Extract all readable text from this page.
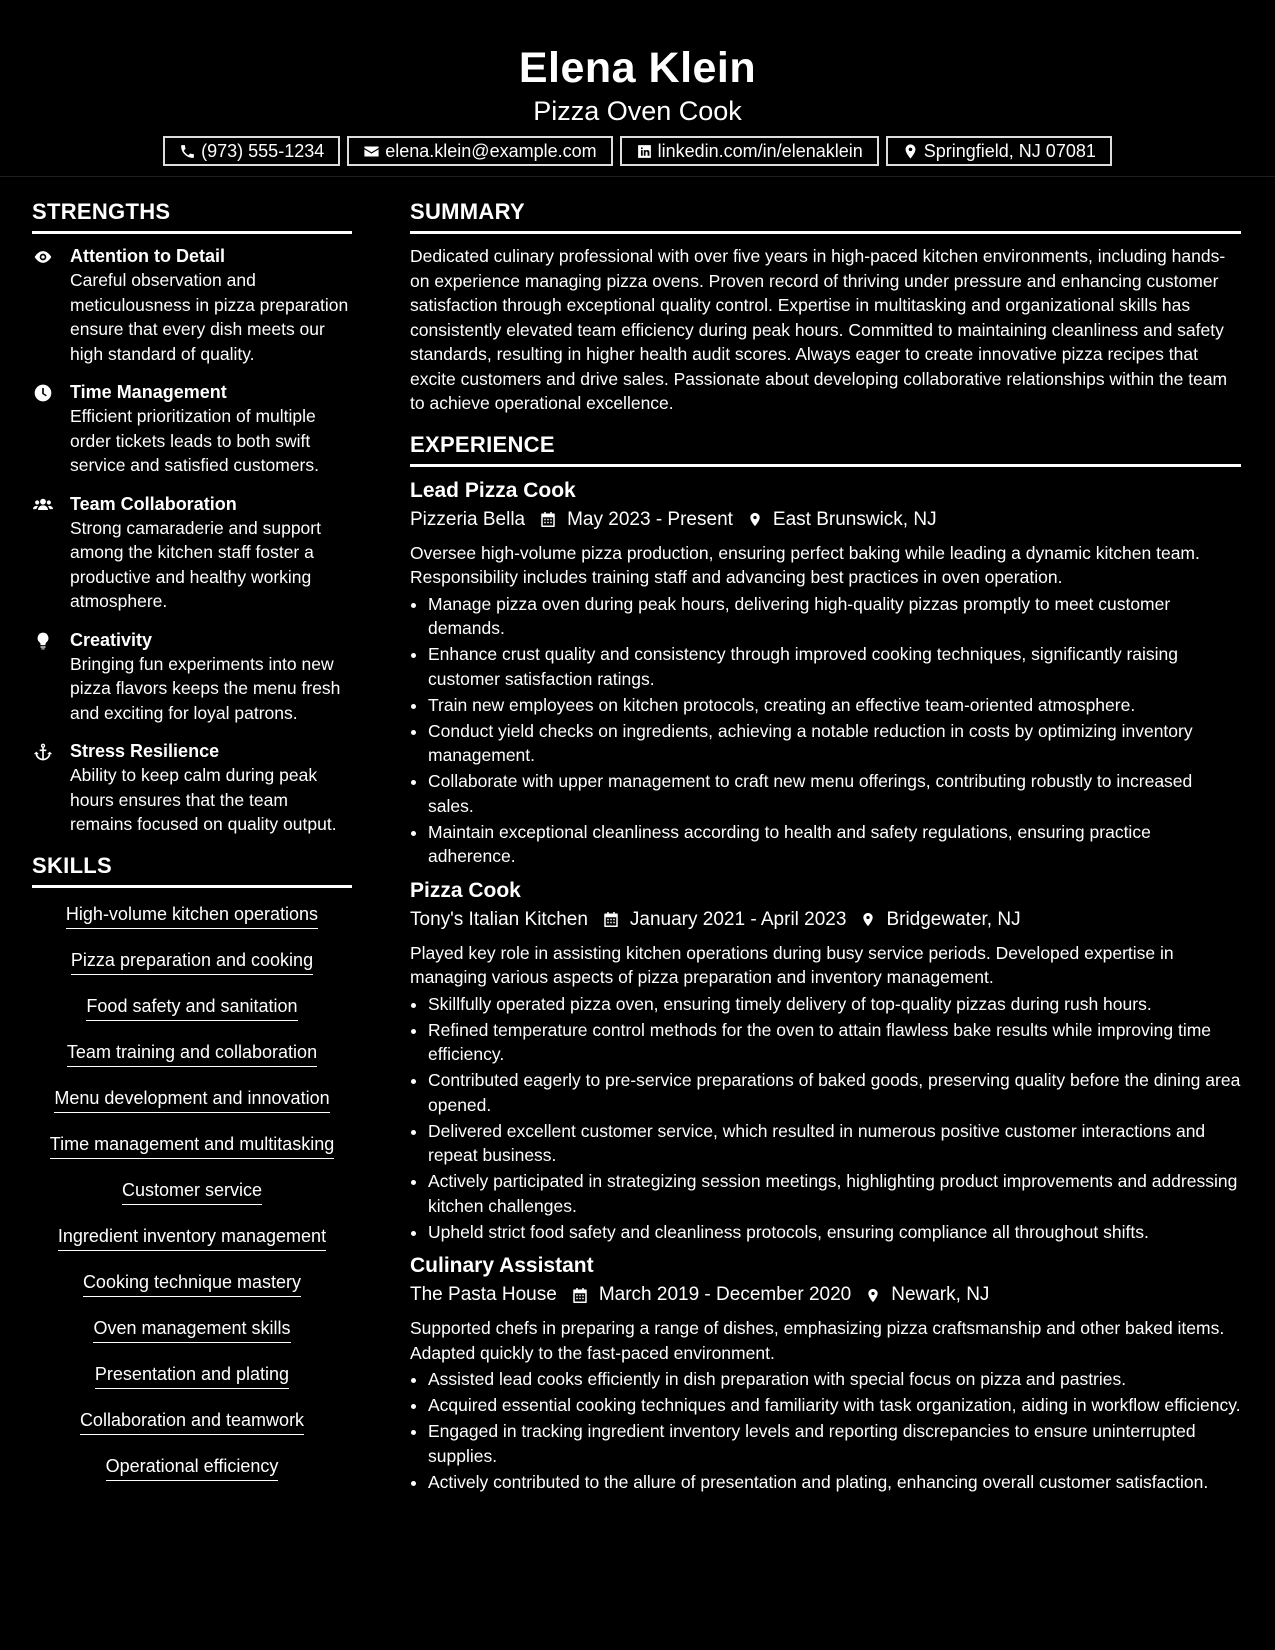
Elena Klein
Pizza Oven Cook
(973) 555-1234	elena.klein@example.com	linkedin.com/in/elenaklein	Springfield, NJ 07081
STRENGTHS
Attention to Detail
Careful observation and meticulousness in pizza preparation ensure that every dish meets our high standard of quality.
Time Management
Efficient prioritization of multiple order tickets leads to both swift service and satisfied customers.
Team Collaboration
Strong camaraderie and support among the kitchen staff foster a productive and healthy working atmosphere.
Creativity
Bringing fun experiments into new pizza flavors keeps the menu fresh and exciting for loyal patrons.
Stress Resilience
Ability to keep calm during peak hours ensures that the team remains focused on quality output.
SKILLS
High-volume kitchen operations
Pizza preparation and cooking
Food safety and sanitation
Team training and collaboration
Menu development and innovation
Time management and multitasking
Customer service
Ingredient inventory management
Cooking technique mastery
Oven management skills
Presentation and plating
Collaboration and teamwork
Operational efficiency
SUMMARY
Dedicated culinary professional with over five years in high-paced kitchen environments, including hands-on experience managing pizza ovens. Proven record of thriving under pressure and enhancing customer satisfaction through exceptional quality control. Expertise in multitasking and organizational skills has consistently elevated team efficiency during peak hours. Committed to maintaining cleanliness and safety standards, resulting in higher health audit scores. Always eager to create innovative pizza recipes that excite customers and drive sales. Passionate about developing collaborative relationships within the team to achieve operational excellence.
EXPERIENCE
Lead Pizza Cook
Pizzeria Bella May 2023 - Present East Brunswick, NJ
Oversee high-volume pizza production, ensuring perfect baking while leading a dynamic kitchen team. Responsibility includes training staff and advancing best practices in oven operation.
• Manage pizza oven during peak hours, delivering high-quality pizzas promptly to meet customer demands.
• Enhance crust quality and consistency through improved cooking techniques, significantly raising customer satisfaction ratings.
• Train new employees on kitchen protocols, creating an effective team-oriented atmosphere.
• Conduct yield checks on ingredients, achieving a notable reduction in costs by optimizing inventory management.
• Collaborate with upper management to craft new menu offerings, contributing robustly to increased sales.
• Maintain exceptional cleanliness according to health and safety regulations, ensuring practice adherence.
Pizza Cook
Tony's Italian Kitchen January 2021 - April 2023 Bridgewater, NJ
Played key role in assisting kitchen operations during busy service periods. Developed expertise in managing various aspects of pizza preparation and inventory management.
• Skillfully operated pizza oven, ensuring timely delivery of top-quality pizzas during rush hours.
• Refined temperature control methods for the oven to attain flawless bake results while improving time efficiency.
• Contributed eagerly to pre-service preparations of baked goods, preserving quality before the dining area opened.
• Delivered excellent customer service, which resulted in numerous positive customer interactions and repeat business.
• Actively participated in strategizing session meetings, highlighting product improvements and addressing kitchen challenges.
• Upheld strict food safety and cleanliness protocols, ensuring compliance all throughout shifts.
Culinary Assistant
The Pasta House March 2019 - December 2020 Newark, NJ
Supported chefs in preparing a range of dishes, emphasizing pizza craftsmanship and other baked items. Adapted quickly to the fast-paced environment.
• Assisted lead cooks efficiently in dish preparation with special focus on pizza and pastries.
• Acquired essential cooking techniques and familiarity with task organization, aiding in workflow efficiency.
• Engaged in tracking ingredient inventory levels and reporting discrepancies to ensure uninterrupted supplies.
• Actively contributed to the allure of presentation and plating, enhancing overall customer satisfaction.
